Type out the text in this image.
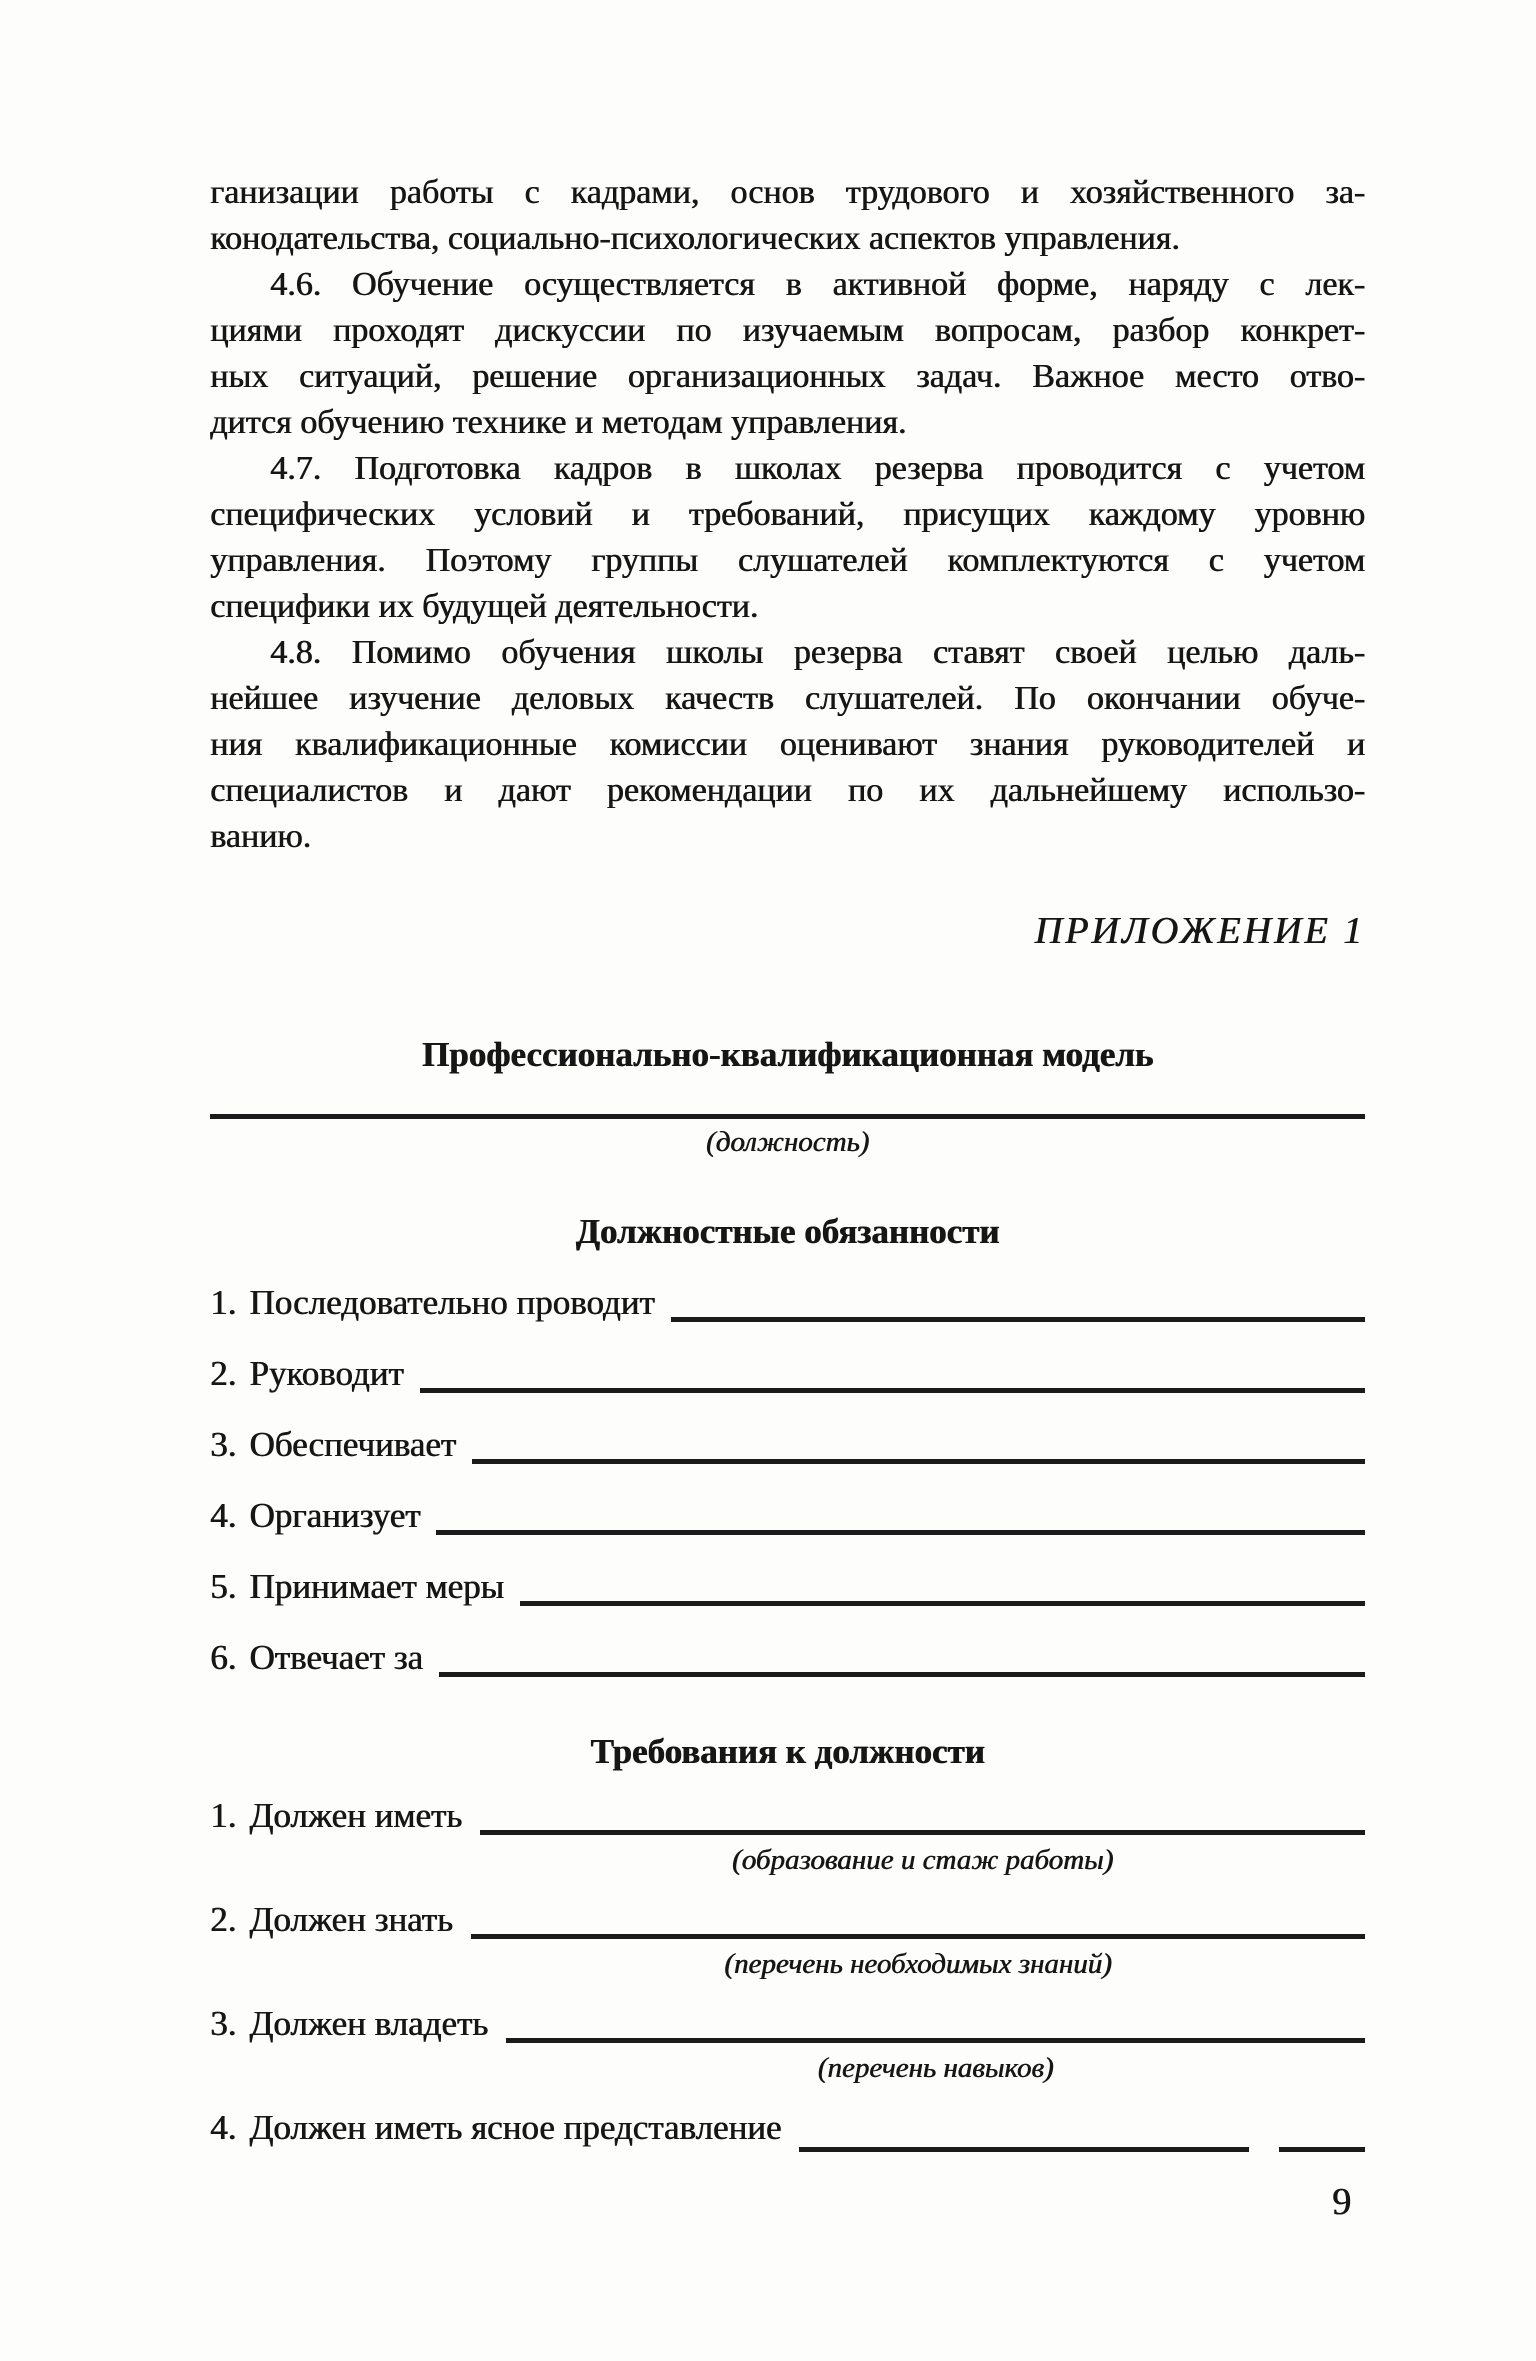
ганизации работы с кадрами, основ трудового и хозяйственного за-
конодательства, социально-психологических аспектов управления.
4.6. Обучение осуществляется в активной форме, наряду с лек-
циями проходят дискуссии по изучаемым вопросам, разбор конкрет-
ных ситуаций, решение организационных задач. Важное место отво-
дится обучению технике и методам управления.
4.7. Подготовка кадров в школах резерва проводится с учетом
специфических условий и требований, присущих каждому уровню
управления. Поэтому группы слушателей комплектуются с учетом
специфики их будущей деятельности.
4.8. Помимо обучения школы резерва ставят своей целью даль-
нейшее изучение деловых качеств слушателей. По окончании обуче-
ния квалификационные комиссии оценивают знания руководителей и
специалистов и дают рекомендации по их дальнейшему использо-
ванию.
ПРИЛОЖЕНИЕ 1
Профессионально-квалификационная модель
(должность)
Должностные обязанности
1. Последовательно проводит
2. Руководит
3. Обеспечивает
4. Организует
5. Принимает меры
6. Отвечает за
Требования к должности
1. Должен иметь
(образование и стаж работы)
2. Должен знать
(перечень необходимых знаний)
3. Должен владеть
(перечень навыков)
4. Должен иметь ясное представление
9
